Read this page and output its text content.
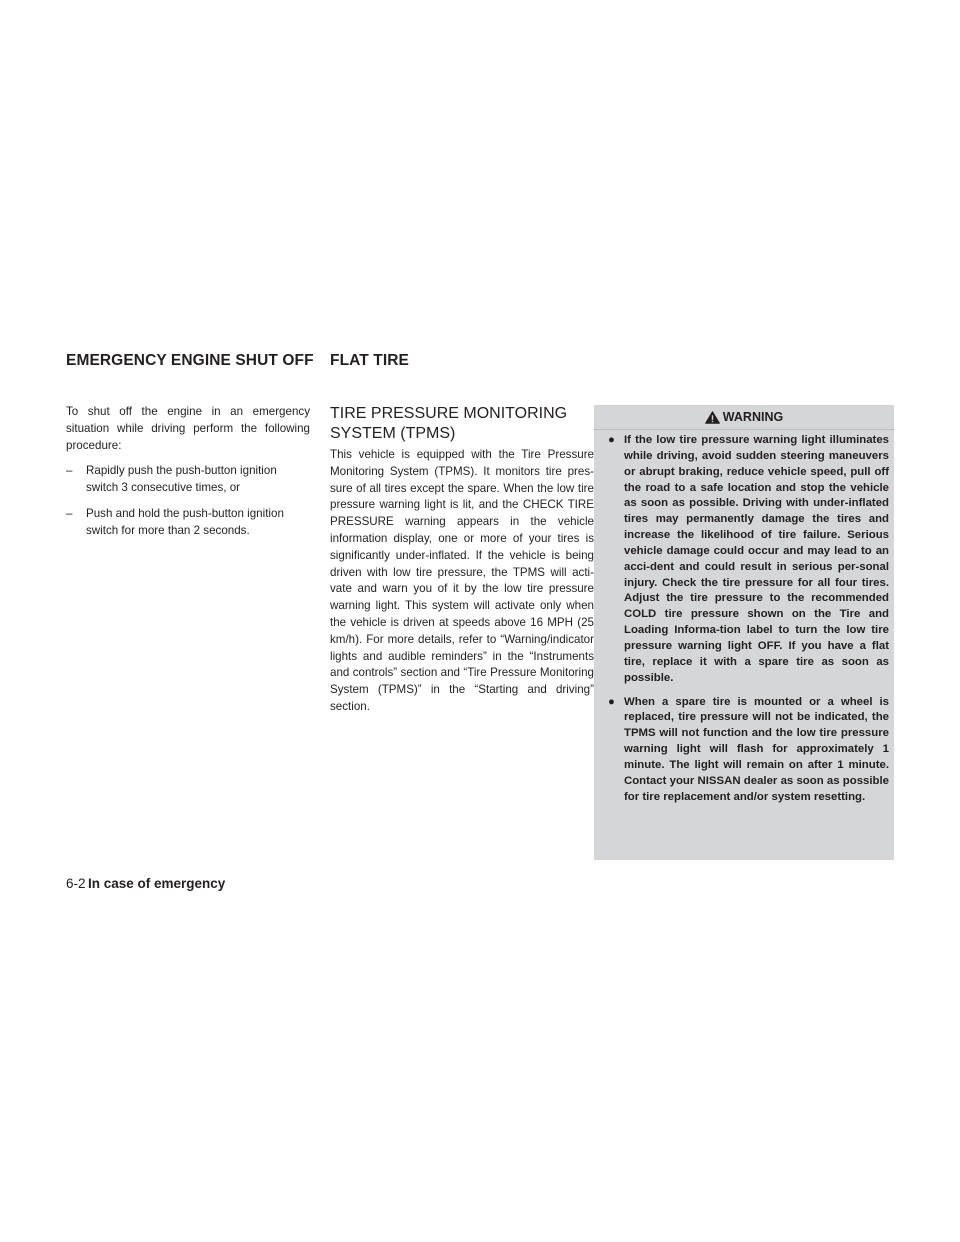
EMERGENCY ENGINE SHUT OFF FLAT TIRE

To shut off the engine in an emergency situation while driving perform the following procedure:

–	Rapidly push the push-button ignition switch 3 consecutive times, or
–	Push and hold the push-button ignition switch for more than 2 seconds.
TIRE PRESSURE MONITORING SYSTEM (TPMS)
This vehicle is equipped with the Tire Pressure Monitoring System (TPMS). It monitors tire pres-sure of all tires except the spare. When the low tire pressure warning light is lit, and the CHECK TIRE PRESSURE warning appears in the vehicle information display, one or more of your tires is significantly under-inflated. If the vehicle is being driven with low tire pressure, the TPMS will acti-vate and warn you of it by the low tire pressure warning light. This system will activate only when the vehicle is driven at speeds above 16 MPH (25 km/h). For more details, refer to “Warning/indicator lights and audible reminders” in the “Instruments and controls” section and “Tire Pressure Monitoring System (TPMS)” in the “Starting and driving” section.
WARNING
● If the low tire pressure warning light illuminates while driving, avoid sudden steering maneuvers or abrupt braking, reduce vehicle speed, pull off the road to a safe location and stop the vehicle as soon as possible. Driving with under-inflated tires may permanently damage the tires and increase the likelihood of tire failure. Serious vehicle damage could occur and may lead to an acci-dent and could result in serious per-sonal injury. Check the tire pressure for all four tires. Adjust the tire pressure to the recommended COLD tire pressure shown on the Tire and Loading Informa-tion label to turn the low tire pressure warning light OFF. If you have a flat tire, replace it with a spare tire as soon as possible.
● When a spare tire is mounted or a wheel is replaced, tire pressure will not be indicated, the TPMS will not function and the low tire pressure warning light will flash for approximately 1 minute. The light will remain on after 1 minute. Contact your NISSAN dealer as soon as possible for tire replacement and/or system resetting.
6-2 In case of emergency
